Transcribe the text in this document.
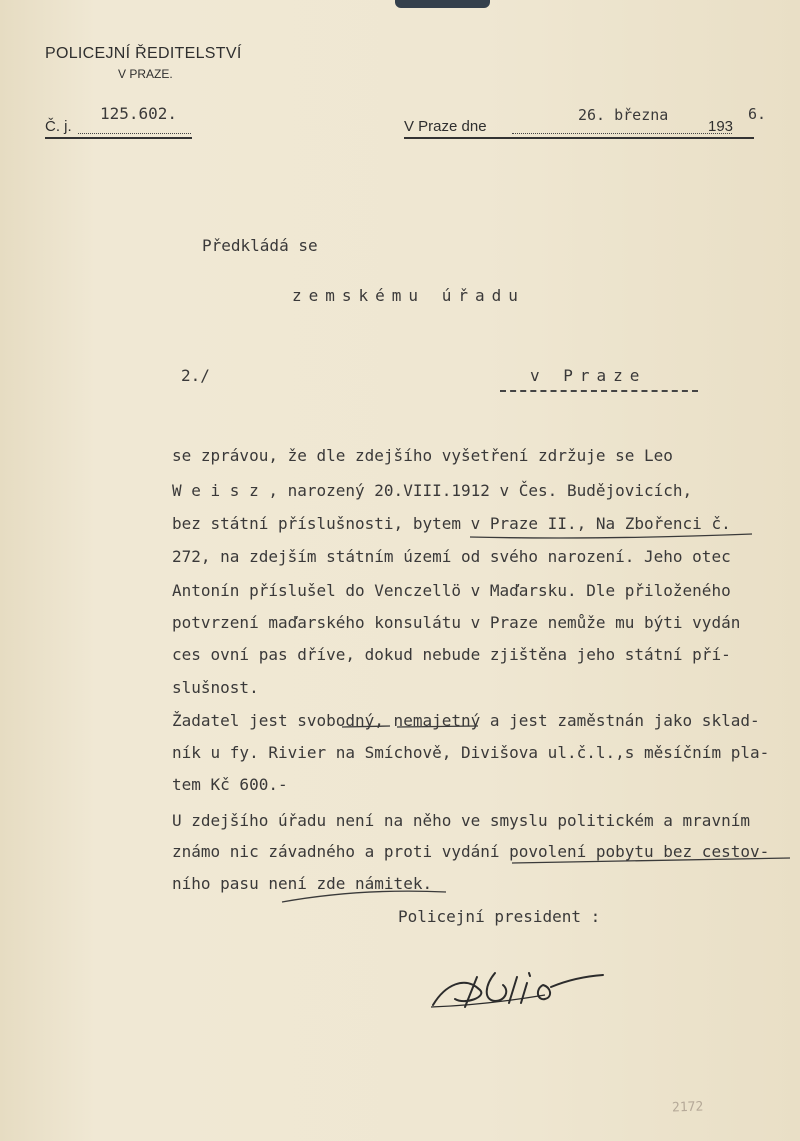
POLICEJNÍ ŘEDITELSTVÍ
V PRAZE.
Č. j.
125.602.
V Praze dne
26. března
193
6.
Předkládá se
zemskému úřadu
2./	v Praze
se zprávou, že dle zdejšího vyšetření zdržuje se Leo
W e i s z , narozený 20.VIII.1912 v Čes. Budějovicích,
bez státní příslušnosti, bytem v Praze II., Na Zbořenci č.
272, na zdejším státním území od svého narození. Jeho otec
Antonín příslušel do Venczellö v Maďarsku. Dle přiloženého
potvrzení maďarského konsulátu v Praze nemůže mu býti vydán
ces ovní pas dříve, dokud nebude zjištěna jeho státní pří-
slušnost.
Žadatel jest svobodný, nemajetný a jest zaměstnán jako sklad-
ník u fy. Rivier na Smíchově, Divišova ul.č.l.,s měsíčním pla-
tem Kč 600.-
U zdejšího úřadu není na něho ve smyslu politickém a mravním
známo nic závadného a proti vydání povolení pobytu bez cestov-
ního pasu není zde námitek.
Policejní president :
2172
